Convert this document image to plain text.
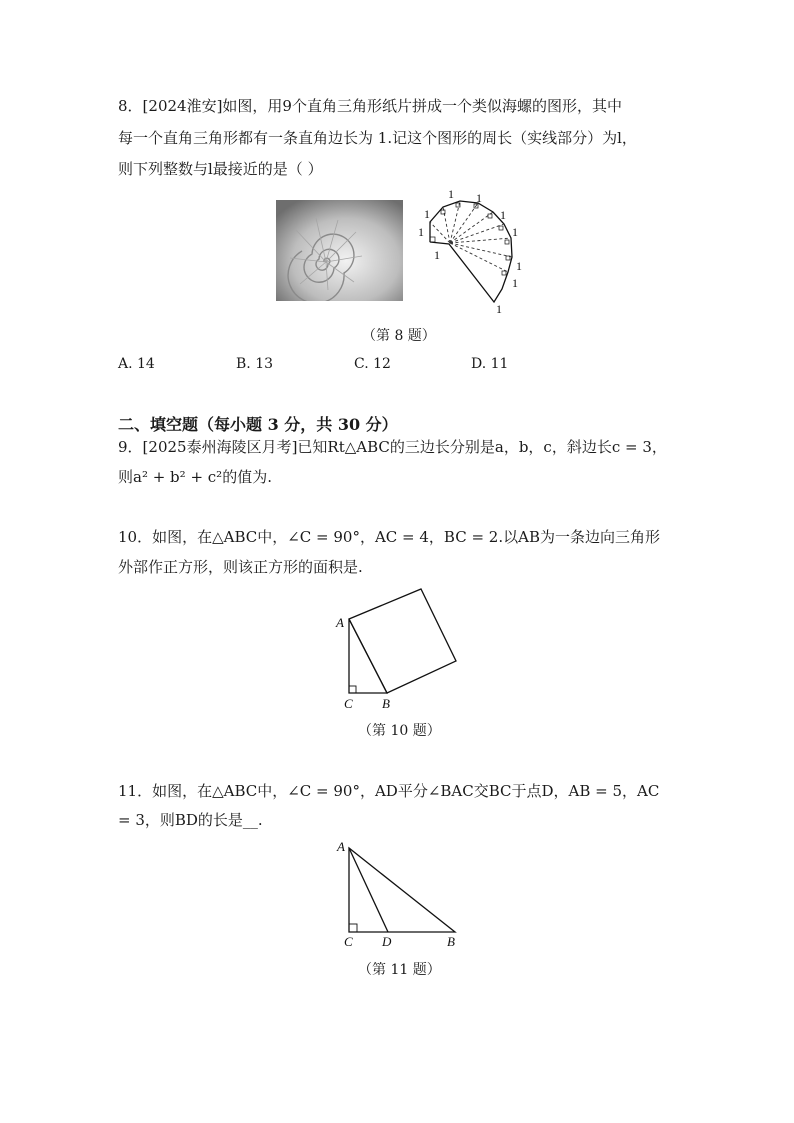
8．[2024淮安]如图，用9个直角三角形纸片拼成一个类似海螺的图形，其中
每一个直角三角形都有一条直角边长为 1.记这个图形的周长（实线部分）为l，
则下列整数与l最接近的是（ ）
1
1
1 1
1
1
1
1
1
1
（第 8 题）
A. 14	B. 13	C. 12	D. 11
二、填空题（每小题 3 分，共 30 分）
9．[2025泰州海陵区月考]已知Rt△ABC的三边长分别是a，b，c，斜边长c = 3，
则a² + b² + c²的值为.
10．如图，在△ABC中，∠C = 90°，AC = 4，BC = 2.以AB为一条边向三角形
外部作正方形，则该正方形的面积是.
A
C B
（第 10 题）
11．如图，在△ABC中，∠C = 90°，AD平分∠BAC交BC于点D，AB = 5，AC
= 3，则BD的长是__.
A
C D	B
（第 11 题）
